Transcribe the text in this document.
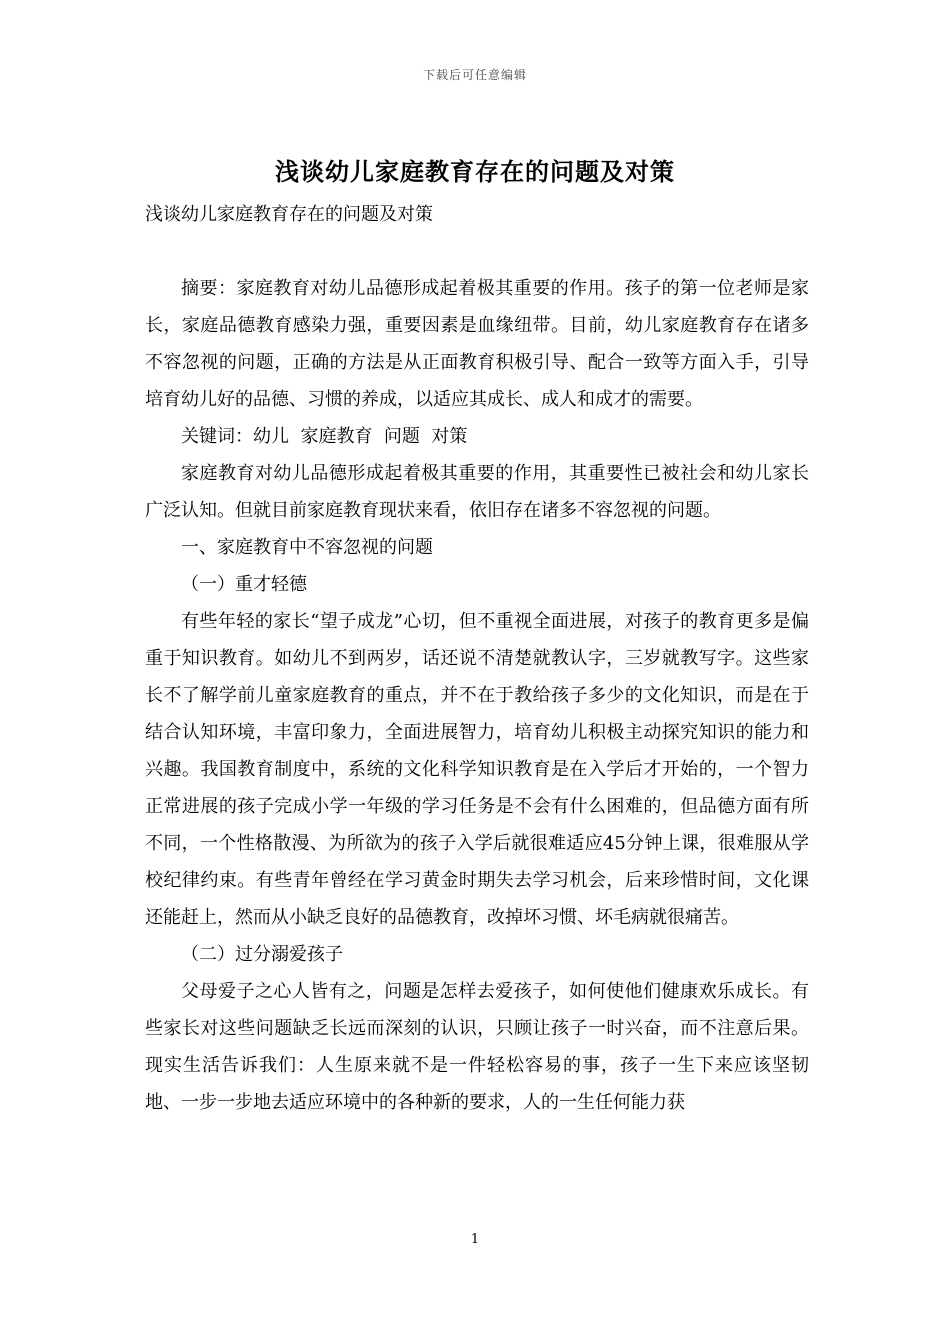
下载后可任意编辑
浅谈幼儿家庭教育存在的问题及对策

浅谈幼儿家庭教育存在的问题及对策

摘要：家庭教育对幼儿品德形成起着极其重要的作用。孩子的第一位老师是家长，家庭品德教育感染力强，重要因素是血缘纽带。目前，幼儿家庭教育存在诸多不容忽视的问题，正确的方法是从正面教育积极引导、配合一致等方面入手，引导培育幼儿好的品德、习惯的养成，以适应其成长、成人和成才的需要。

关键词：幼儿  家庭教育  问题  对策

家庭教育对幼儿品德形成起着极其重要的作用，其重要性已被社会和幼儿家长广泛认知。但就目前家庭教育现状来看，依旧存在诸多不容忽视的问题。

一、家庭教育中不容忽视的问题

（一）重才轻德

有些年轻的家长“望子成龙”心切，但不重视全面进展，对孩子的教育更多是偏重于知识教育。如幼儿不到两岁，话还说不清楚就教认字，三岁就教写字。这些家长不了解学前儿童家庭教育的重点，并不在于教给孩子多少的文化知识，而是在于结合认知环境，丰富印象力，全面进展智力，培育幼儿积极主动探究知识的能力和兴趣。我国教育制度中，系统的文化科学知识教育是在入学后才开始的，一个智力正常进展的孩子完成小学一年级的学习任务是不会有什么困难的，但品德方面有所不同，一个性格散漫、为所欲为的孩子入学后就很难适应45分钟上课，很难服从学校纪律约束。有些青年曾经在学习黄金时期失去学习机会，后来珍惜时间，文化课还能赶上，然而从小缺乏良好的品德教育，改掉坏习惯、坏毛病就很痛苦。

（二）过分溺爱孩子

父母爱子之心人皆有之，问题是怎样去爱孩子，如何使他们健康欢乐成长。有些家长对这些问题缺乏长远而深刻的认识，只顾让孩子一时兴奋，而不注意后果。现实生活告诉我们：人生原来就不是一件轻松容易的事，孩子一生下来应该坚韧地、一步一步地去适应环境中的各种新的要求，人的一生任何能力获

1
